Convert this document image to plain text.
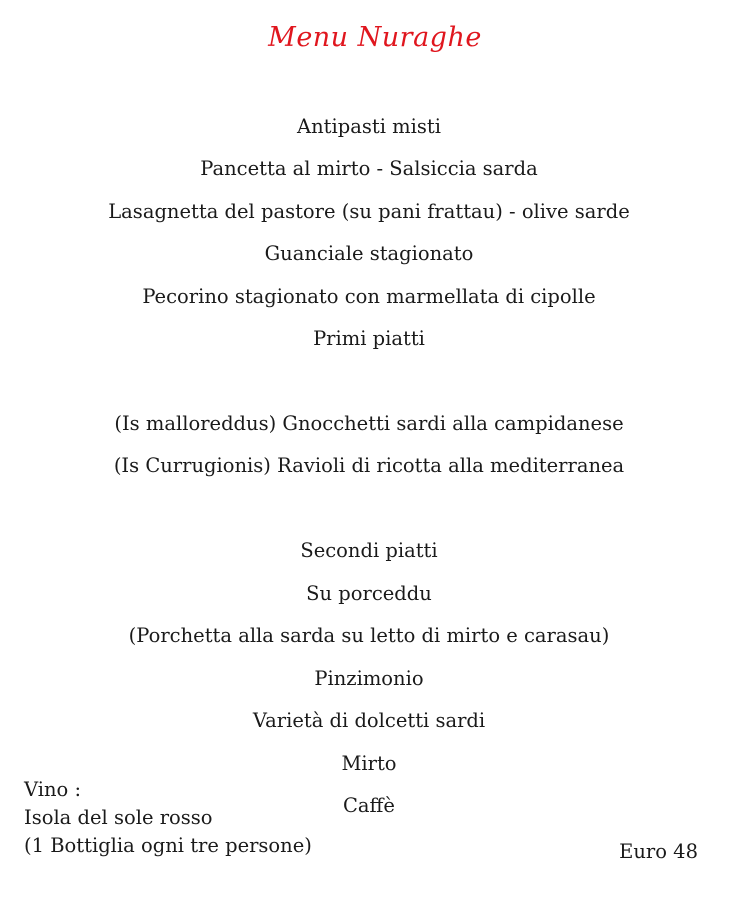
Menu Nuraghe
Antipasti misti
Pancetta al mirto - Salsiccia sarda
Lasagnetta del pastore (su pani frattau) - olive sarde
Guanciale stagionato
Pecorino stagionato con marmellata di cipolle
Primi piatti
(Is malloreddus) Gnocchetti sardi alla campidanese
(Is Currugionis) Ravioli di ricotta alla mediterranea
Secondi piatti
Su porceddu
(Porchetta alla sarda su letto di mirto e carasau)
Pinzimonio
Varietà di dolcetti sardi
Mirto
Caffè
Vino :
Isola del sole rosso
(1 Bottiglia ogni tre persone)	Euro 48
